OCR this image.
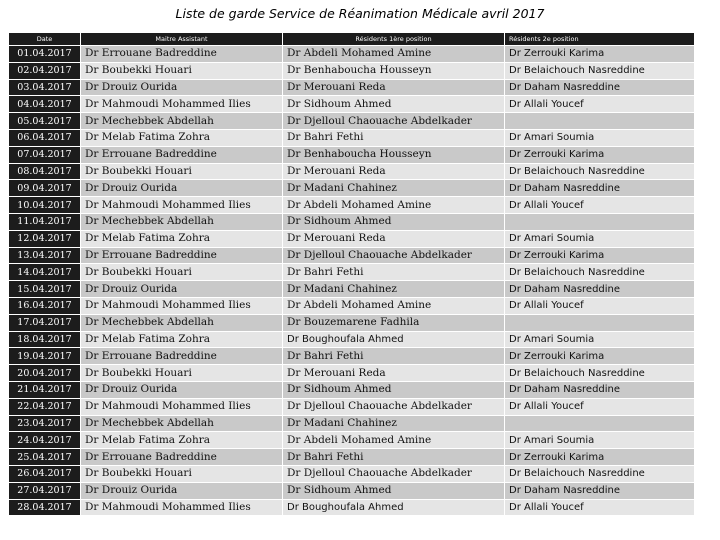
Liste de garde Service de Réanimation Médicale avril 2017
Date	Maitre Assistant	Résidents 1ère position	Résidents 2e position
01.04.2017	Dr Errouane Badreddine	Dr Abdeli Mohamed Amine	Dr Zerrouki Karima
02.04.2017	Dr Boubekki Houari	Dr Benhaboucha Housseyn	Dr Belaichouch Nasreddine
03.04.2017	Dr Drouiz Ourida	Dr Merouani Reda	Dr Daham Nasreddine
04.04.2017	Dr Mahmoudi Mohammed Ilies	Dr Sidhoum Ahmed	Dr Allali Youcef
05.04.2017	Dr Mechebbek Abdellah	Dr Djelloul Chaouache Abdelkader	
06.04.2017	Dr Melab Fatima Zohra	Dr Bahri Fethi	Dr Amari Soumia
07.04.2017	Dr Errouane Badreddine	Dr Benhaboucha Housseyn	Dr Zerrouki Karima
08.04.2017	Dr Boubekki Houari	Dr Merouani Reda	Dr Belaichouch Nasreddine
09.04.2017	Dr Drouiz Ourida	Dr Madani Chahinez	Dr Daham Nasreddine
10.04.2017	Dr Mahmoudi Mohammed Ilies	Dr Abdeli Mohamed Amine	Dr Allali Youcef
11.04.2017	Dr Mechebbek Abdellah	Dr Sidhoum Ahmed	
12.04.2017	Dr Melab Fatima Zohra	Dr Merouani Reda	Dr Amari Soumia
13.04.2017	Dr Errouane Badreddine	Dr Djelloul Chaouache Abdelkader	Dr Zerrouki Karima
14.04.2017	Dr Boubekki Houari	Dr Bahri Fethi	Dr Belaichouch Nasreddine
15.04.2017	Dr Drouiz Ourida	Dr Madani Chahinez	Dr Daham Nasreddine
16.04.2017	Dr Mahmoudi Mohammed Ilies	Dr Abdeli Mohamed Amine	Dr Allali Youcef
17.04.2017	Dr Mechebbek Abdellah	Dr Bouzemarene Fadhila	
18.04.2017	Dr Melab Fatima Zohra	Dr Boughoufala Ahmed	Dr Amari Soumia
19.04.2017	Dr Errouane Badreddine	Dr Bahri Fethi	Dr Zerrouki Karima
20.04.2017	Dr Boubekki Houari	Dr Merouani Reda	Dr Belaichouch Nasreddine
21.04.2017	Dr Drouiz Ourida	Dr Sidhoum Ahmed	Dr Daham Nasreddine
22.04.2017	Dr Mahmoudi Mohammed Ilies	Dr Djelloul Chaouache Abdelkader	Dr Allali Youcef
23.04.2017	Dr Mechebbek Abdellah	Dr Madani Chahinez	
24.04.2017	Dr Melab Fatima Zohra	Dr Abdeli Mohamed Amine	Dr Amari Soumia
25.04.2017	Dr Errouane Badreddine	Dr Bahri Fethi	Dr Zerrouki Karima
26.04.2017	Dr Boubekki Houari	Dr Djelloul Chaouache Abdelkader	Dr Belaichouch Nasreddine
27.04.2017	Dr Drouiz Ourida	Dr Sidhoum Ahmed	Dr Daham Nasreddine
28.04.2017	Dr Mahmoudi Mohammed Ilies	Dr Boughoufala Ahmed	Dr Allali Youcef
